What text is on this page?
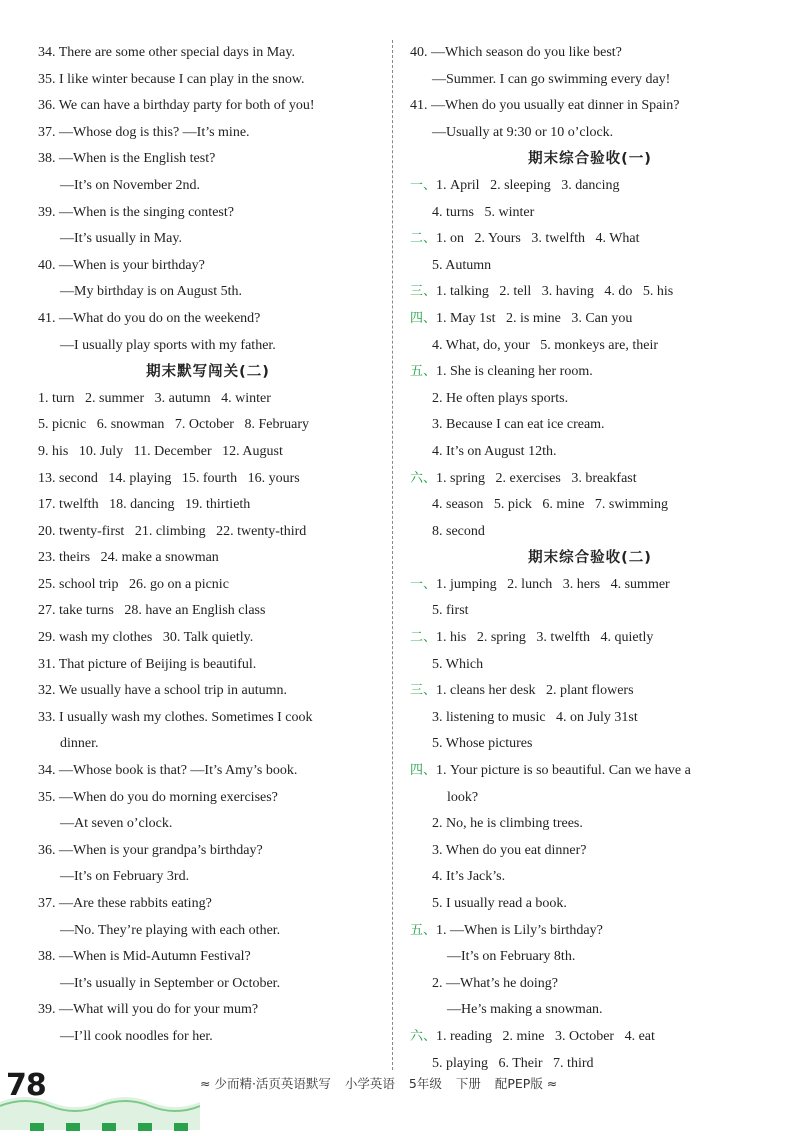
34. There are some other special days in May.
35. I like winter because I can play in the snow.
36. We can have a birthday party for both of you!
37. —Whose dog is this? —It’s mine.
38. —When is the English test?
—It’s on November 2nd.
39. —When is the singing contest?
—It’s usually in May.
40. —When is your birthday?
—My birthday is on August 5th.
41. —What do you do on the weekend?
—I usually play sports with my father.
期末默写闯关(二)
1. turn   2. summer   3. autumn   4. winter
5. picnic   6. snowman   7. October   8. February
9. his   10. July   11. December   12. August
13. second   14. playing   15. fourth   16. yours
17. twelfth   18. dancing   19. thirtieth
20. twenty-first   21. climbing   22. twenty-third
23. theirs   24. make a snowman
25. school trip   26. go on a picnic
27. take turns   28. have an English class
29. wash my clothes   30. Talk quietly.
31. That picture of Beijing is beautiful.
32. We usually have a school trip in autumn.
33. I usually wash my clothes. Sometimes I cook
dinner.
34. —Whose book is that? —It’s Amy’s book.
35. —When do you do morning exercises?
—At seven o’clock.
36. —When is your grandpa’s birthday?
—It’s on February 3rd.
37. —Are these rabbits eating?
—No. They’re playing with each other.
38. —When is Mid-Autumn Festival?
—It’s usually in September or October.
39. —What will you do for your mum?
—I’ll cook noodles for her.
40. —Which season do you like best?
—Summer. I can go swimming every day!
41. —When do you usually eat dinner in Spain?
—Usually at 9:30 or 10 o’clock.
期末综合验收(一)
一、1. April   2. sleeping   3. dancing
4. turns   5. winter
二、1. on   2. Yours   3. twelfth   4. What
5. Autumn
三、1. talking   2. tell   3. having   4. do   5. his
四、1. May 1st   2. is mine   3. Can you
4. What, do, your   5. monkeys are, their
五、1. She is cleaning her room.
2. He often plays sports.
3. Because I can eat ice cream.
4. It’s on August 12th.
六、1. spring   2. exercises   3. breakfast
4. season   5. pick   6. mine   7. swimming
8. second
期末综合验收(二)
一、1. jumping   2. lunch   3. hers   4. summer
5. first
二、1. his   2. spring   3. twelfth   4. quietly
5. Which
三、1. cleans her desk   2. plant flowers
3. listening to music   4. on July 31st
5. Whose pictures
四、1. Your picture is so beautiful. Can we have a
look?
2. No, he is climbing trees.
3. When do you eat dinner?
4. It’s Jack’s.
5. I usually read a book.
五、1. —When is Lily’s birthday?
—It’s on February 8th.
2. —What’s he doing?
—He’s making a snowman.
六、1. reading   2. mine   3. October   4. eat
5. playing   6. Their   7. third
78	≈ 少而精·活页英语默写 小学英语 5年级 下册 配PEP版 ≈
